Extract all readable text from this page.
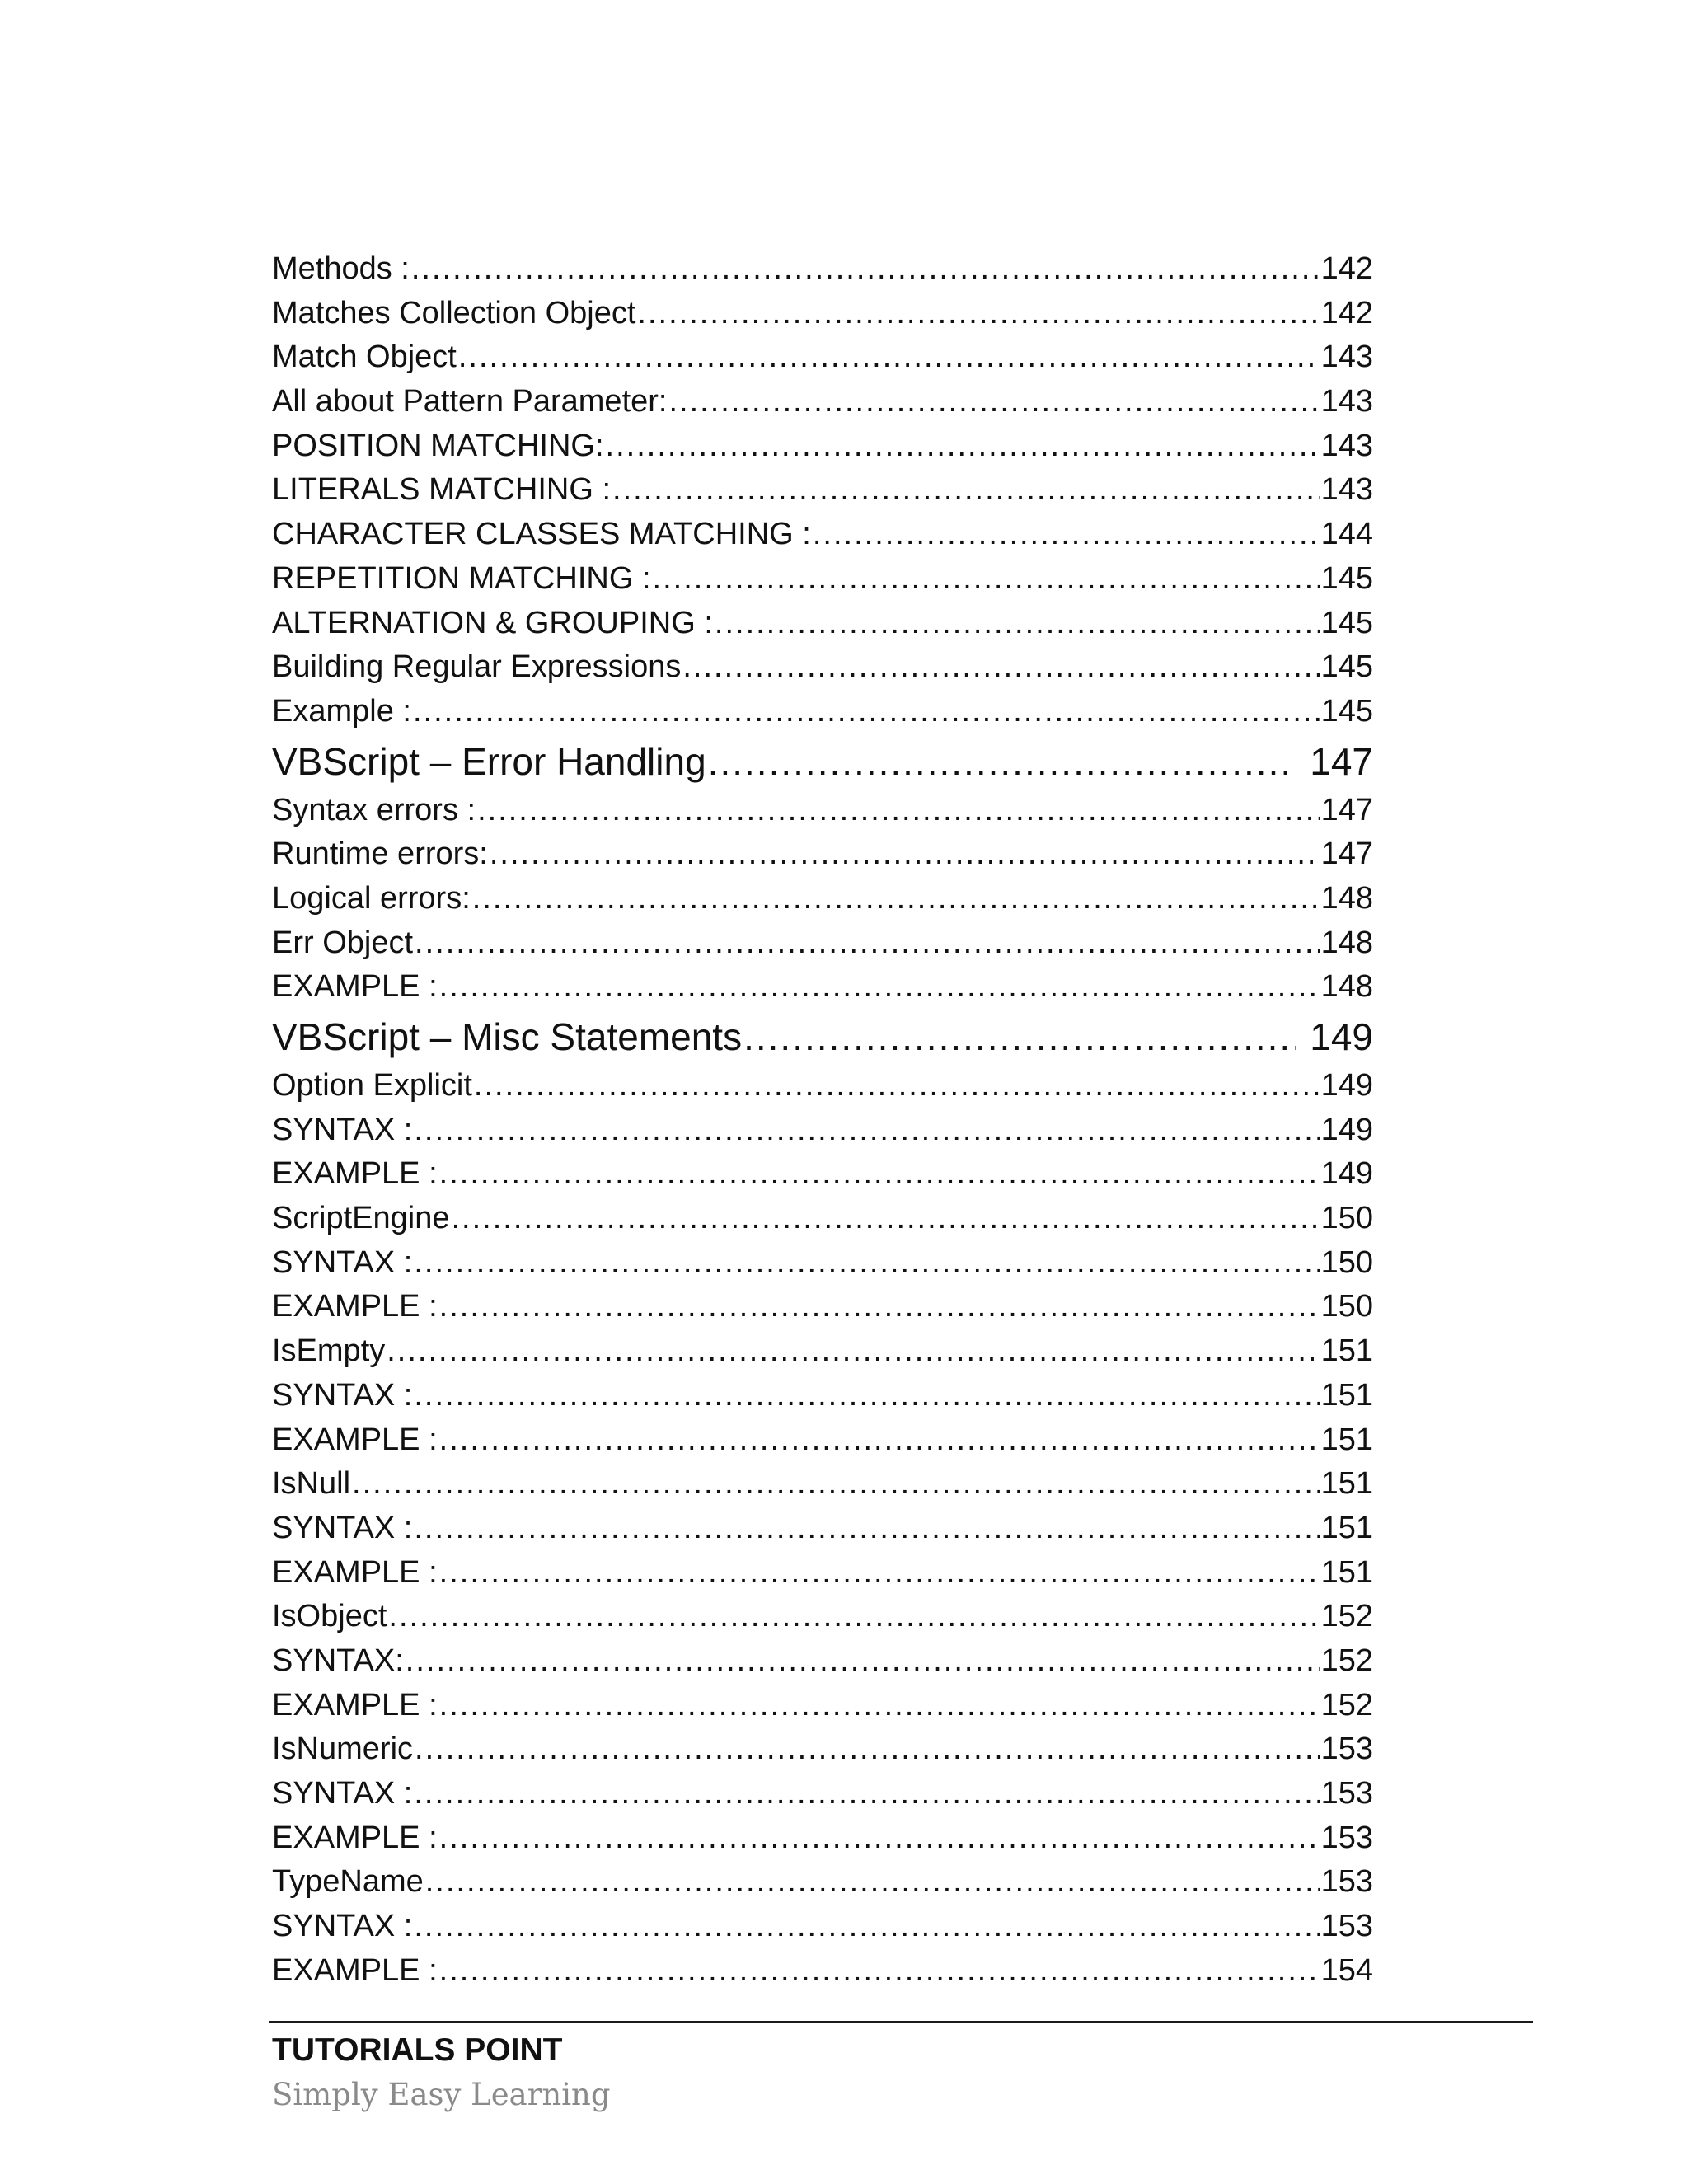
Methods : .....	142
Matches Collection Object .....	142
Match Object .....	143
All about Pattern Parameter: .....	143
POSITION MATCHING: .....	143
LITERALS MATCHING : .....	143
CHARACTER CLASSES MATCHING : .....	144
REPETITION MATCHING : .....	145
ALTERNATION & GROUPING : .....	145
Building Regular Expressions .....	145
Example : .....	145
VBScript – Error Handling .....	147
Syntax errors : .....	147
Runtime errors: .....	147
Logical errors: .....	148
Err Object .....	148
EXAMPLE : .....	148
VBScript – Misc Statements .....	149
Option Explicit .....	149
SYNTAX : .....	149
EXAMPLE : .....	149
ScriptEngine .....	150
SYNTAX : .....	150
EXAMPLE : .....	150
IsEmpty .....	151
SYNTAX : .....	151
EXAMPLE : .....	151
IsNull .....	151
SYNTAX : .....	151
EXAMPLE : .....	151
IsObject .....	152
SYNTAX: .....	152
EXAMPLE : .....	152
IsNumeric .....	153
SYNTAX : .....	153
EXAMPLE : .....	153
TypeName .....	153
SYNTAX : .....	153
EXAMPLE : .....	154
TUTORIALS POINT
Simply Easy Learning
